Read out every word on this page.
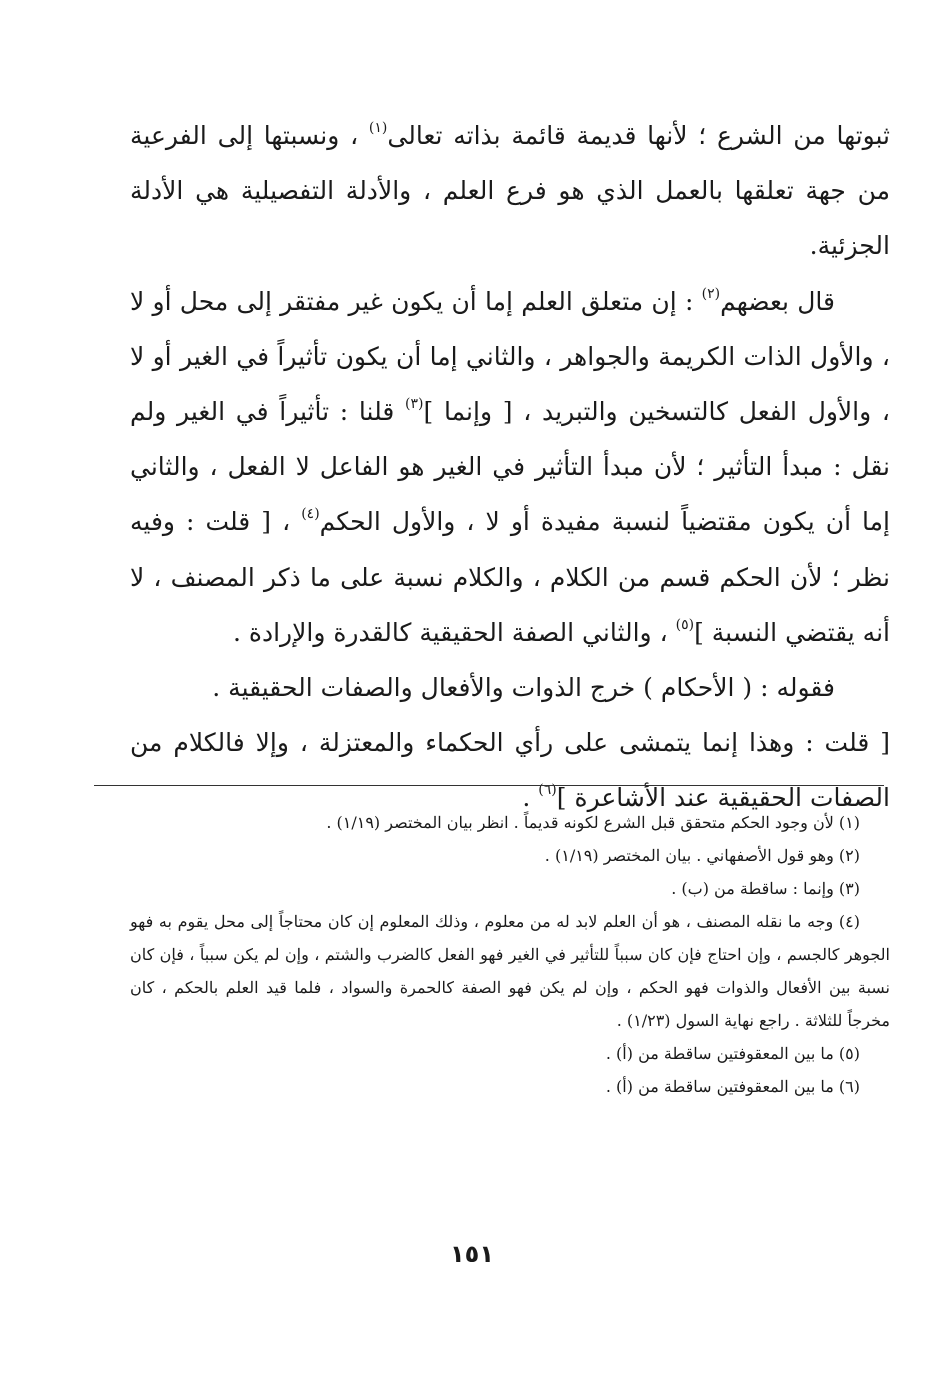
ثبوتها من الشرع ؛ لأنها قديمة قائمة بذاته تعالى$^{(١)}$ ، ونسبتها إلى الفرعية من جهة تعلقها بالعمل الذي هو فرع العلم ، والأدلة التفصيلية هي الأدلة الجزئية.

قال بعضهم$^{(٢)}$ : إن متعلق العلم إما أن يكون غير مفتقر إلى محل أو لا ، والأول الذات الكريمة والجواهر ، والثاني إما أن يكون تأثيراً في الغير أو لا ، والأول الفعل كالتسخين والتبريد ، [ وإنما ]$^{(٣)}$ قلنا : تأثيراً في الغير ولم نقل : مبدأ التأثير ؛ لأن مبدأ التأثير في الغير هو الفاعل لا الفعل ، والثاني إما أن يكون مقتضياً لنسبة مفيدة أو لا ، والأول الحكم$^{(٤)}$ ، [ قلت : وفيه نظر ؛ لأن الحكم قسم من الكلام ، والكلام نسبة على ما ذكر المصنف ، لا أنه يقتضي النسبة ]$^{(٥)}$ ، والثاني الصفة الحقيقية كالقدرة والإرادة .

فقوله : ( الأحكام ) خرج الذوات والأفعال والصفات الحقيقية .

[ قلت : وهذا إنما يتمشى على رأي الحكماء والمعتزلة ، وإلا فالكلام من الصفات الحقيقية عند الأشاعرة ]$^{(٦)}$ .

(١) لأن وجود الحكم متحقق قبل الشرع لكونه قديماً . انظر بيان المختصر (١/١٩) .

(٢) وهو قول الأصفهاني . بيان المختصر (١/١٩) .

(٣) وإنما : ساقطة من (ب) .

(٤) وجه ما نقله المصنف ، هو أن العلم لابد له من معلوم ، وذلك المعلوم إن كان محتاجاً إلى محل يقوم به فهو الجوهر كالجسم ، وإن احتاج فإن كان سبباً للتأثير في الغير فهو الفعل كالضرب والشتم ، وإن لم يكن سبباً ، فإن كان نسبة بين الأفعال والذوات فهو الحكم ، وإن لم يكن فهو الصفة كالحمرة والسواد ، فلما قيد العلم بالحكم ، كان مخرجاً للثلاثة . راجع نهاية السول (١/٢٣) .

(٥) ما بين المعقوفتين ساقطة من (أ) .

(٦) ما بين المعقوفتين ساقطة من (أ) .

١٥١
